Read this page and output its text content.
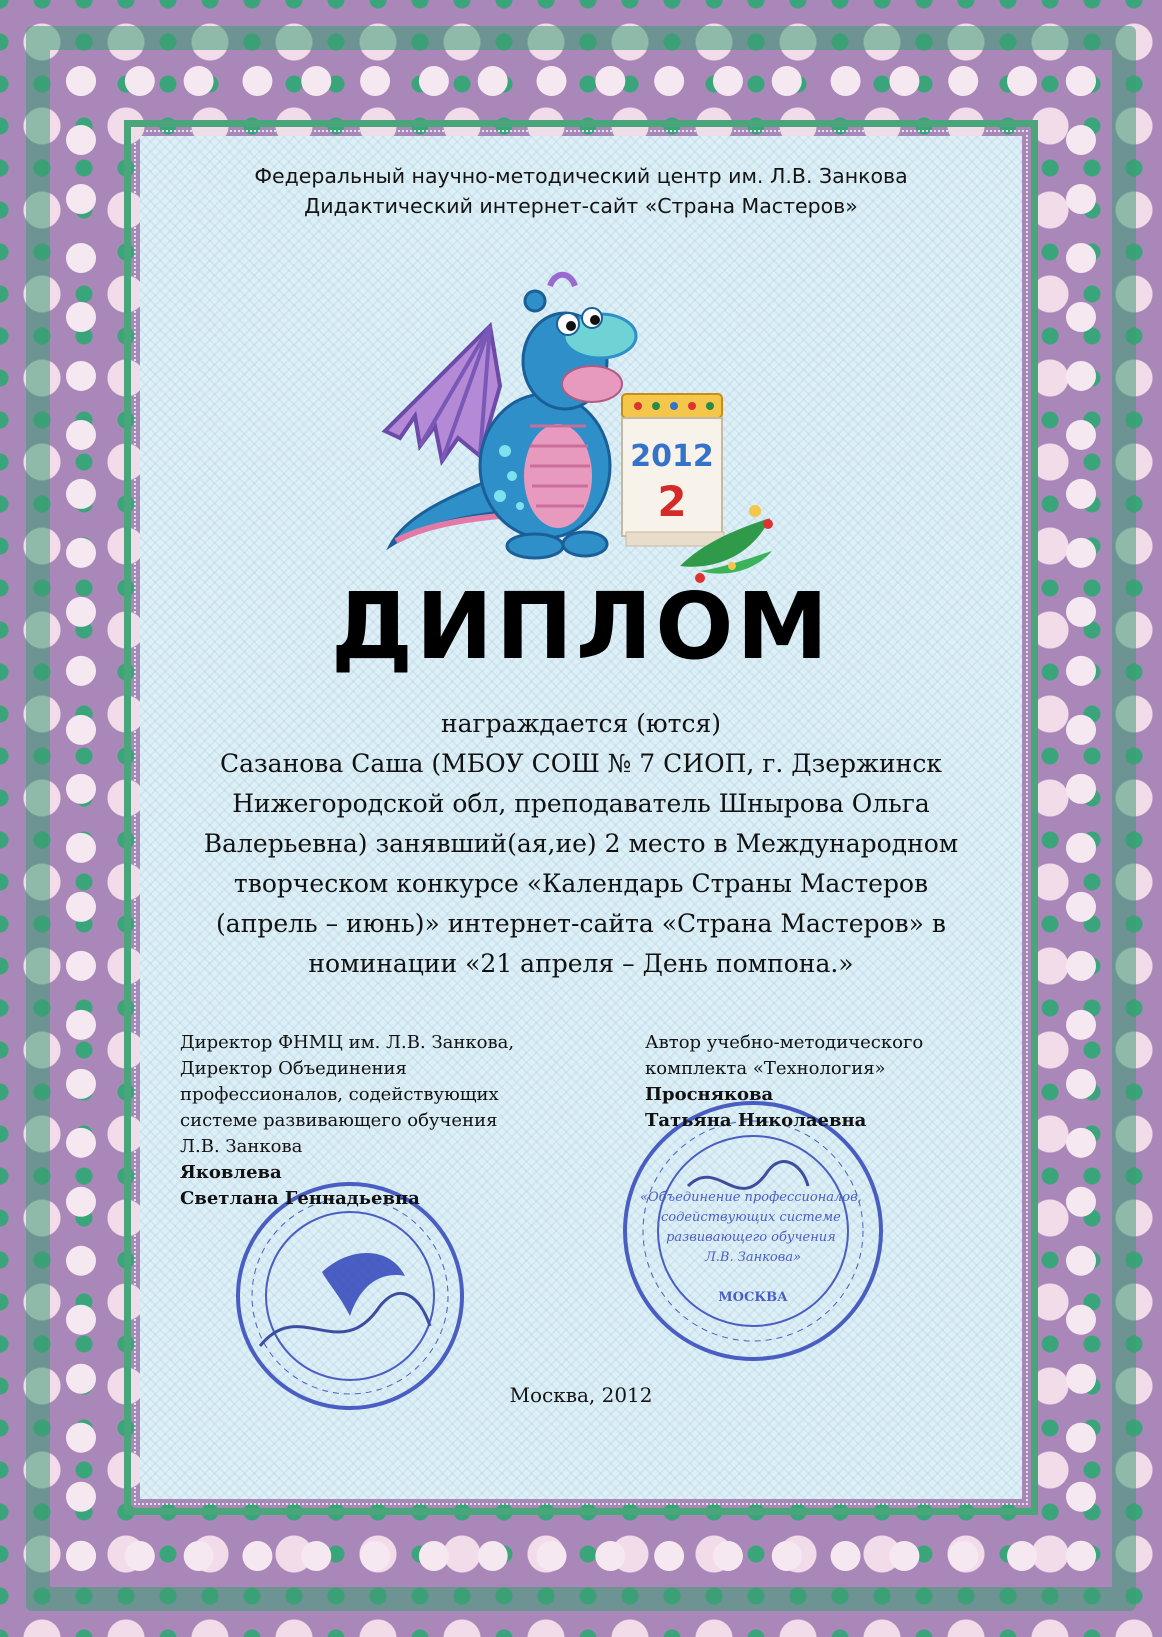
Федеральный научно-методический центр им. Л.В. Занкова
Дидактический интернет-сайт «Страна Мастеров»
2012
2
ДИПЛОМ
награждается (ются)
Сазанова Саша (МБОУ СОШ № 7 СИОП, г. Дзержинск
Нижегородской обл, преподаватель Шнырова Ольга
Валерьевна) занявший(ая,ие) 2 место в Международном
творческом конкурсе «Календарь Страны Мастеров
(апрель – июнь)» интернет-сайта «Страна Мастеров» в
номинации «21 апреля – День помпона.»
«Объединение профессионалов, содействующих системе развивающего обучения Л.В. Занкова»
МОСКВА
Директор ФНМЦ им. Л.В. Занкова,
Директор Объединения
профессионалов, содействующих
системе развивающего обучения
Л.В. Занкова
Яковлева
Светлана Геннадьевна
Автор учебно-методического
комплекта «Технология»
Проснякова
Татьяна Николаевна
Москва, 2012
